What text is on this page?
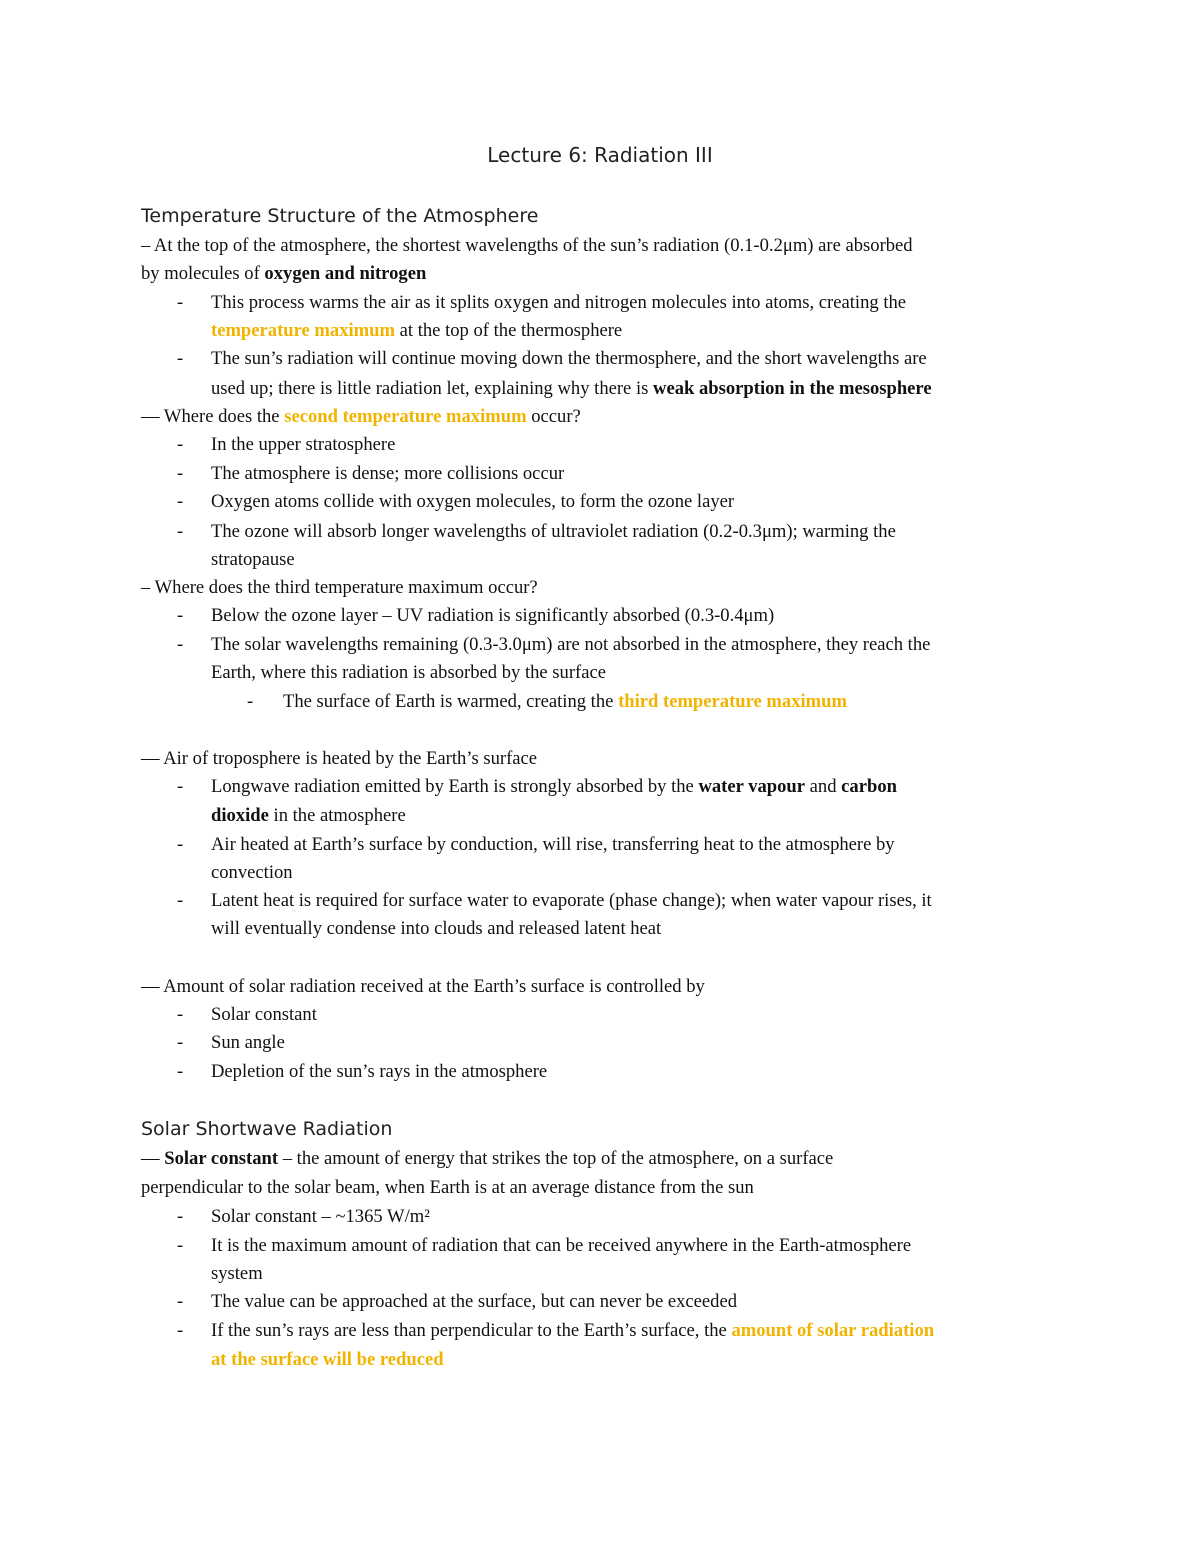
Lecture 6: Radiation III
Temperature Structure of the Atmosphere
– At the top of the atmosphere, the shortest wavelengths of the sun’s radiation (0.1-0.2μm) are absorbed
by molecules of oxygen and nitrogen
- This process warms the air as it splits oxygen and nitrogen molecules into atoms, creating the
temperature maximum at the top of the thermosphere
- The sun’s radiation will continue moving down the thermosphere, and the short wavelengths are
used up; there is little radiation let, explaining why there is weak absorption in the mesosphere
— Where does the second temperature maximum occur?
- In the upper stratosphere
- The atmosphere is dense; more collisions occur
- Oxygen atoms collide with oxygen molecules, to form the ozone layer
- The ozone will absorb longer wavelengths of ultraviolet radiation (0.2-0.3μm); warming the
stratopause
– Where does the third temperature maximum occur?
- Below the ozone layer – UV radiation is significantly absorbed (0.3-0.4μm)
- The solar wavelengths remaining (0.3-3.0μm) are not absorbed in the atmosphere, they reach the
Earth, where this radiation is absorbed by the surface
- The surface of Earth is warmed, creating the third temperature maximum
— Air of troposphere is heated by the Earth’s surface
- Longwave radiation emitted by Earth is strongly absorbed by the water vapour and carbon
dioxide in the atmosphere
- Air heated at Earth’s surface by conduction, will rise, transferring heat to the atmosphere by
convection
- Latent heat is required for surface water to evaporate (phase change); when water vapour rises, it
will eventually condense into clouds and released latent heat
— Amount of solar radiation received at the Earth’s surface is controlled by
- Solar constant
- Sun angle
- Depletion of the sun’s rays in the atmosphere
Solar Shortwave Radiation
— Solar constant – the amount of energy that strikes the top of the atmosphere, on a surface
perpendicular to the solar beam, when Earth is at an average distance from the sun
- Solar constant – ~1365 W/m²
- It is the maximum amount of radiation that can be received anywhere in the Earth-atmosphere
system
- The value can be approached at the surface, but can never be exceeded
- If the sun’s rays are less than perpendicular to the Earth’s surface, the amount of solar radiation
at the surface will be reduced
